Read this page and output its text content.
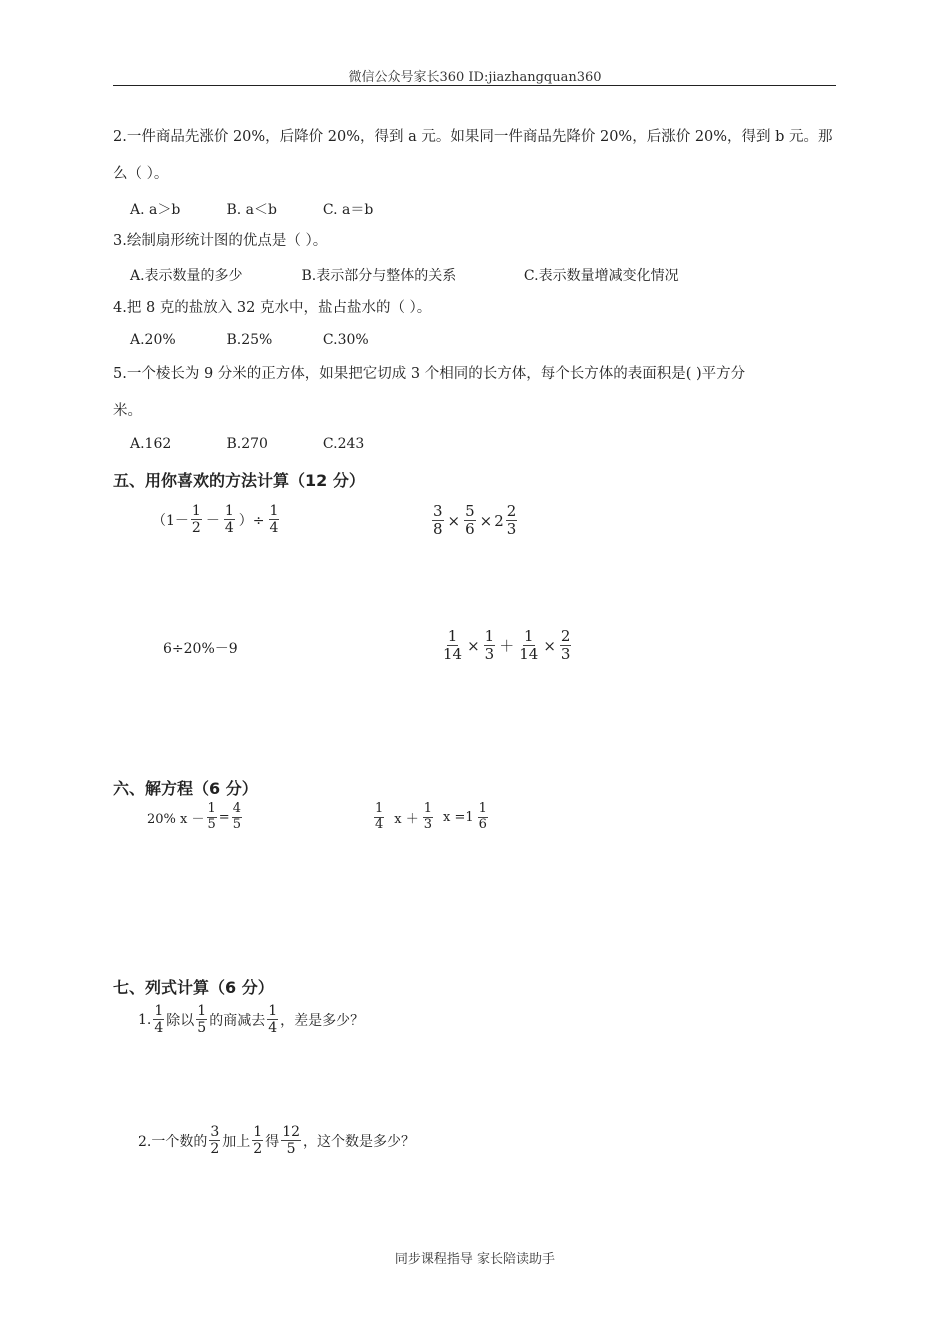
微信公众号家长360 ID:jiazhangquan360
2.一件商品先涨价 20%，后降价 20%，得到 a 元。如果同一件商品先降价 20%，后涨价 20%，得到 b 元。那
么（ ）。
A. a＞b	B. a＜b	C. a＝b
3.绘制扇形统计图的优点是（ ）。
A.表示数量的多少	B.表示部分与整体的关系	C.表示数量增减变化情况
4.把 8 克的盐放入 32 克水中，盐占盐水的（ ）。
A.20%	B.25%	C.30%
5.一个棱长为 9 分米的正方体，如果把它切成 3 个相同的长方体，每个长方体的表面积是( )平方分
米。
A.162	B.270	C.243
五、用你喜欢的方法计算（12 分）
（$1- \frac{1}{2} - \frac{1}{4}$ ）÷ $\frac{1}{4}$	$\frac{3}{8} \times \frac{5}{6} \times 2 \frac{2}{3}$
6÷20%－9	$\frac{1}{14} \times \frac{1}{3} + \frac{1}{14} \times \frac{2}{3}$
六、解方程（6 分）
20% $x - \frac{1}{5} = \frac{4}{5}$	$\frac{1}{4}$ $x + \frac{1}{3}$ $x =1 \frac{1}{6}$
七、列式计算（6 分）
1. $\frac{1}{4}$ 除以 $\frac{1}{5}$ 的商减去 $\frac{1}{4}$ ，差是多少？
2.一个数的 $\frac{3}{2}$ 加上 $\frac{1}{2}$ 得 $\frac{12}{5}$ ，这个数是多少？
同步课程指导 家长陪读助手
